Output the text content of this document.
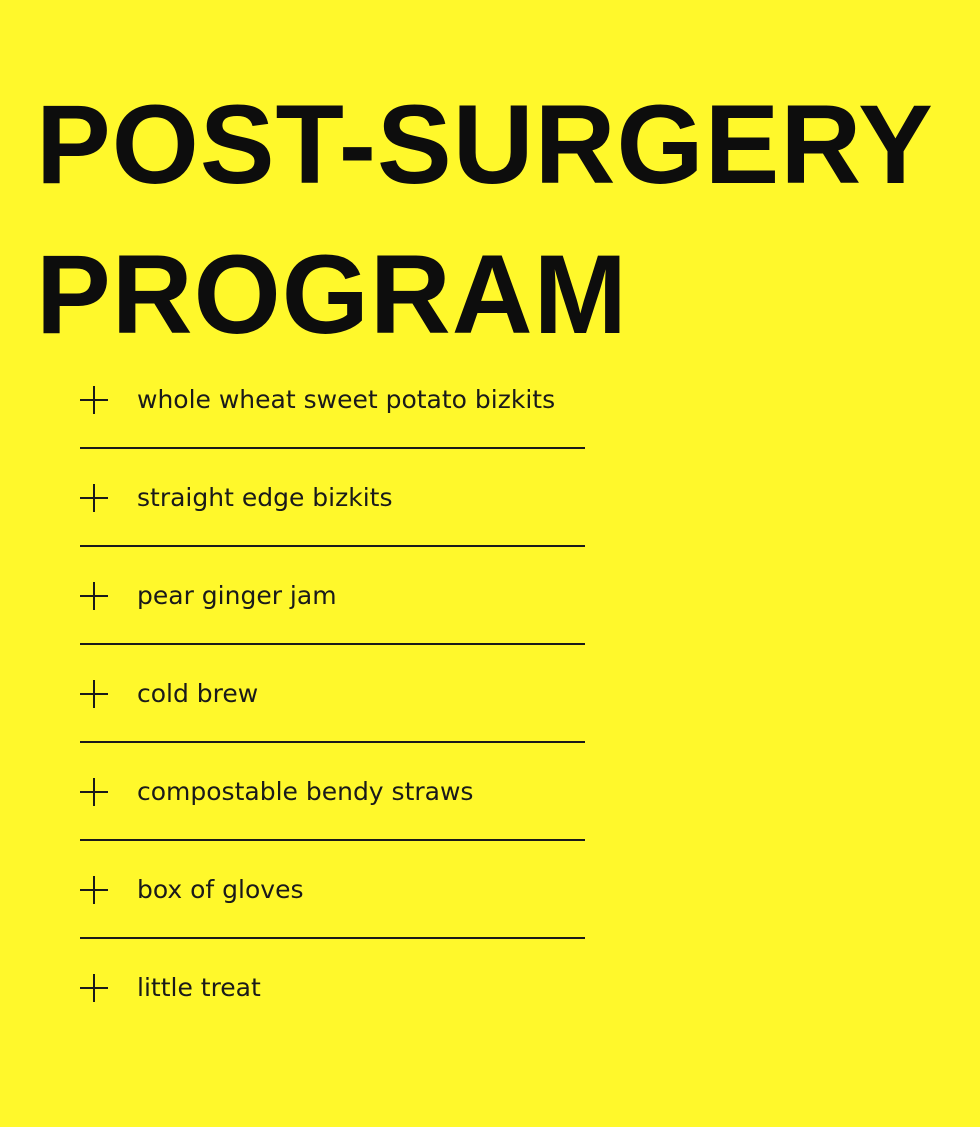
POST-SURGERY
PROGRAM
whole wheat sweet potato bizkits
straight edge bizkits
pear ginger jam
cold brew
compostable bendy straws
box of gloves
little treat
